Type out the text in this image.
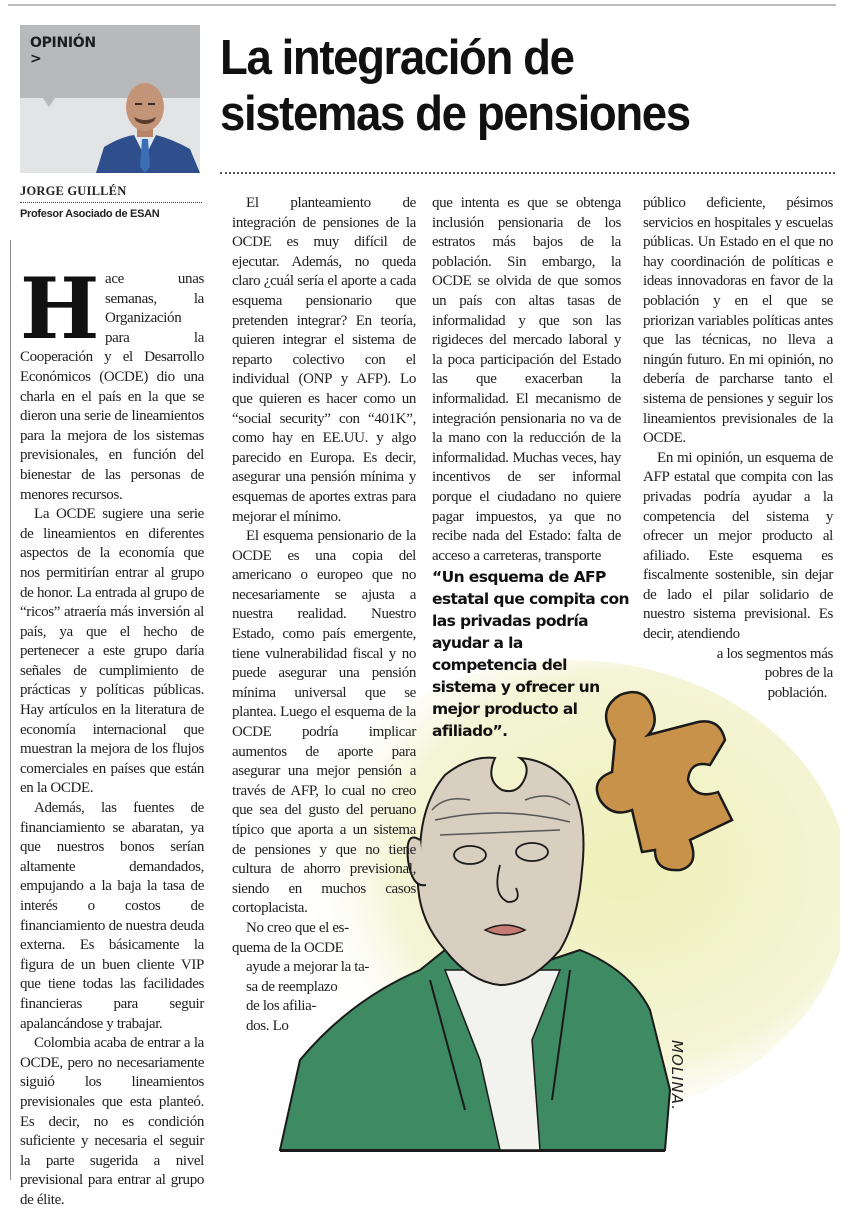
OPINIÓN
>
JORGE GUILLÉN
Profesor Asociado de ESAN
La integración de
sistemas de pensiones

Hace unas semanas, la Organización para la Cooperación y el Desarrollo Económicos (OCDE) dio una charla en el país en la que se dieron una serie de lineamientos para la mejora de los sistemas previsionales, en función del bienestar de las personas de menores recursos.

La OCDE sugiere una serie de lineamientos en diferentes aspectos de la economía que nos permitirían entrar al grupo de honor. La entrada al grupo de “ricos” atraería más inversión al país, ya que el hecho de pertenecer a este grupo daría señales de cumplimiento de prácticas y políticas públicas. Hay artículos en la literatura de economía internacional que muestran la mejora de los flujos comerciales en países que están en la OCDE.

Además, las fuentes de financiamiento se abaratan, ya que nuestros bonos serían altamente demandados, empujando a la baja la tasa de interés o costos de financiamiento de nuestra deuda externa. Es básicamente la figura de un buen cliente VIP que tiene todas las facilidades financieras para seguir apalancándose y trabajar.

Colombia acaba de entrar a la OCDE, pero no necesariamente siguió los lineamientos previsionales que esta planteó. Es decir, no es condición suficiente y necesaria el seguir la parte sugerida a nivel previsional para entrar al grupo de élite.

MOLINA.

El planteamiento de integración de pensiones de la OCDE es muy difícil de ejecutar. Además, no queda claro ¿cuál sería el aporte a cada esquema pensionario que pretenden integrar? En teoría, quieren integrar el sistema de reparto colectivo con el individual (ONP y AFP). Lo que quieren es hacer como un “social security” con “401K”, como hay en EE.UU. y algo parecido en Europa. Es decir, asegurar una pensión mínima y esquemas de aportes extras para mejorar el mínimo.

El esquema pensionario de la OCDE es una copia del americano o europeo que no necesariamente se ajusta a nuestra realidad. Nuestro Estado, como país emergente, tiene vulnerabilidad fiscal y no puede asegurar una pensión mínima universal que se plantea. Luego el esquema de la OCDE podría implicar aumentos de aporte para asegurar una mejor pensión a través de AFP, lo cual no creo que sea del gusto del peruano típico que aporta a un sistema de pensiones y que no tiene cultura de ahorro previsional, siendo en muchos casos cortoplacista.

No creo que el es-
quema de la OCDE
ayude a mejorar la ta-
sa de reemplazo
de los afilia-
dos. Lo

que intenta es que se obtenga inclusión pensionaria de los estratos más bajos de la población. Sin embargo, la OCDE se olvida de que somos un país con altas tasas de informalidad y que son las rigideces del mercado laboral y la poca participación del Estado las que exacerban la informalidad. El mecanismo de integración pensionaria no va de la mano con la reducción de la informalidad. Muchas veces, hay incentivos de ser informal porque el ciudadano no quiere pagar impuestos, ya que no recibe nada del Estado: falta de acceso a carreteras, transporte

“Un esquema de AFP
estatal que compita con
las privadas podría
ayudar a la
competencia del
sistema y ofrecer un
mejor producto al
afiliado”.

público deficiente, pésimos servicios en hospitales y escuelas públicas. Un Estado en el que no hay coordinación de políticas e ideas innovadoras en favor de la población y en el que se priorizan variables políticas antes que las técnicas, no lleva a ningún futuro. En mi opinión, no debería de parcharse tanto el sistema de pensiones y seguir los lineamientos previsionales de la OCDE.

En mi opinión, un esquema de AFP estatal que compita con las privadas podría ayudar a la competencia del sistema y ofrecer un mejor producto al afiliado. Este esquema es fiscalmente sostenible, sin dejar de lado el pilar solidario de nuestro sistema previsional. Es decir, atendiendo

a los segmentos más
pobres de la
población.
